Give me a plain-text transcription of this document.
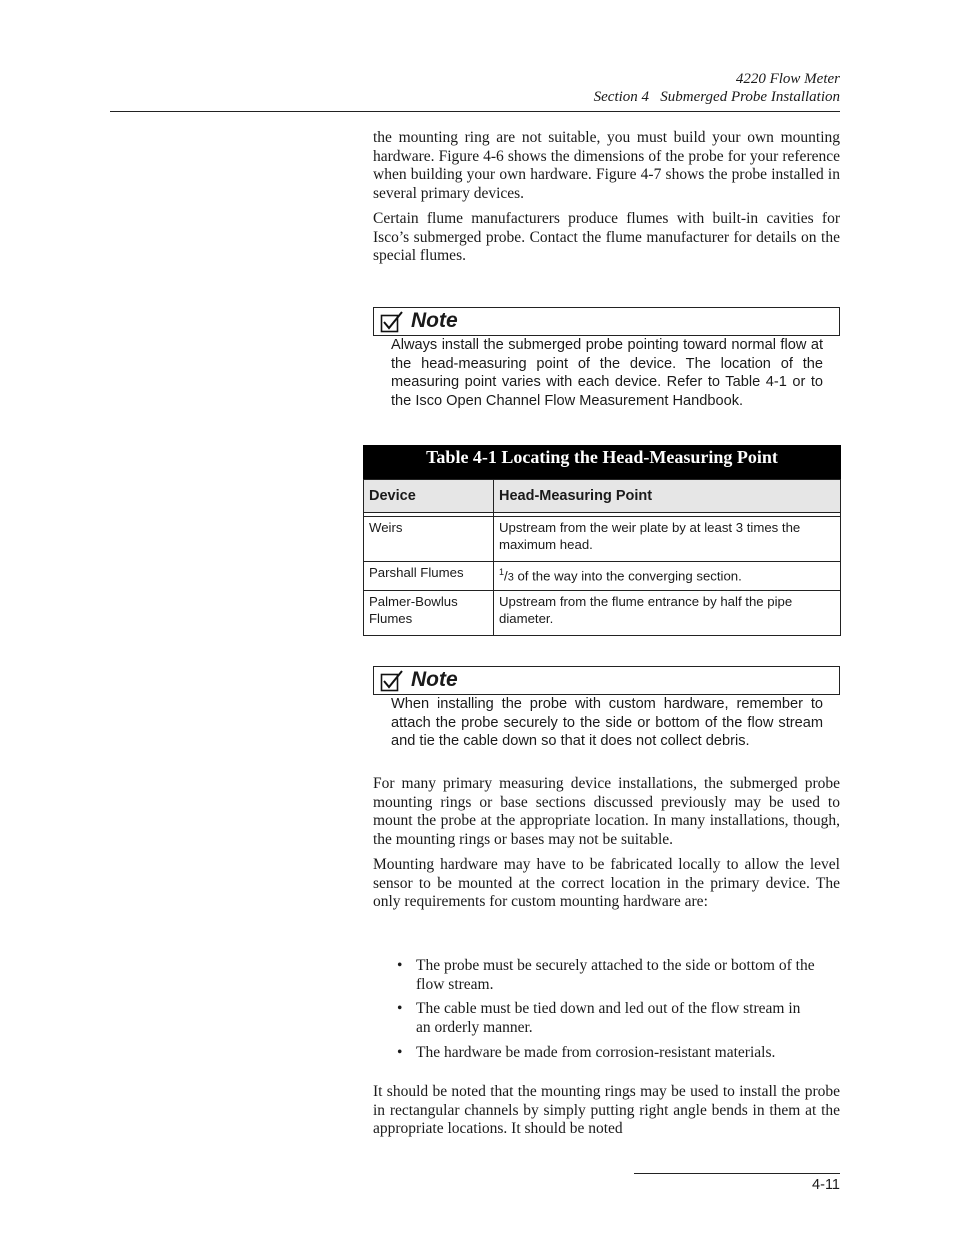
4220 Flow Meter
Section 4   Submerged Probe Installation

the mounting ring are not suitable, you must build your own mounting hardware. Figure 4-6 shows the dimensions of the probe for your reference when building your own hardware. Figure 4-7 shows the probe installed in several primary devices.

Certain flume manufacturers produce flumes with built-in cavities for Isco’s submerged probe. Contact the flume manufacturer for details on the special flumes.

Note

Always install the submerged probe pointing toward normal flow at the head-measuring point of the device. The location of the measuring point varies with each device. Refer to Table 4-1 or to the Isco Open Channel Flow Measurement Handbook.

Table 4-1 Locating the Head-Measuring Point
Device	Head-Measuring Point

Weirs	Upstream from the weir plate by at least 3 times the maximum head.
Parshall Flumes	$^1$/3 of the way into the converging section.
Palmer-Bowlus Flumes	Upstream from the flume entrance by half the pipe diameter.
Note

When installing the probe with custom hardware, remember to attach the probe securely to the side or bottom of the flow stream and tie the cable down so that it does not collect debris.

For many primary measuring device installations, the submerged probe mounting rings or base sections discussed previously may be used to mount the probe at the appropriate location. In many installations, though, the mounting rings or bases may not be suitable.

Mounting hardware may have to be fabricated locally to allow the level sensor to be mounted at the correct location in the primary device. The only requirements for custom mounting hardware are:

• The probe must be securely attached to the side or bottom of the flow stream.
• The cable must be tied down and led out of the flow stream in an orderly manner.
• The hardware be made from corrosion-resistant materials.

It should be noted that the mounting rings may be used to install the probe in rectangular channels by simply putting right angle bends in them at the appropriate locations. It should be noted

4-11
